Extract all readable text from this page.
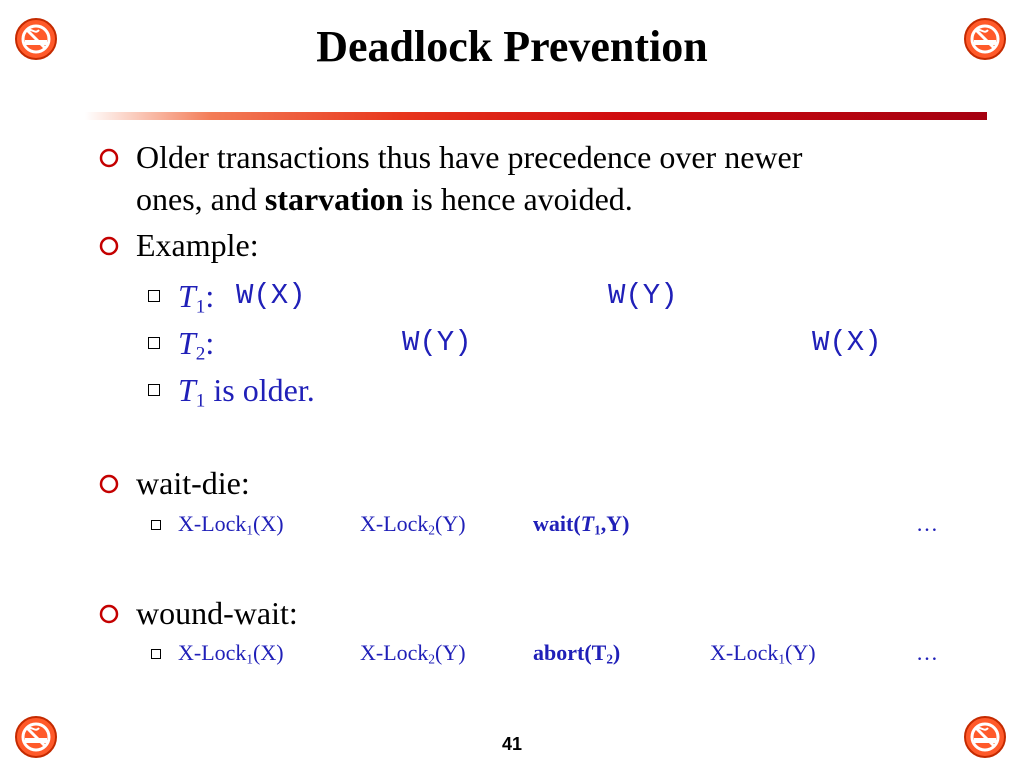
Deadlock Prevention
Older transactions thus have precedence over newer
ones, and starvation is hence avoided.
Example:
$T_1$: W(X)	W(Y)
$T_2$:	W(Y)	W(X)
$T_1$ is older.
wait-die:
X-Lock$_1$(X)	X-Lock$_2$(Y)	$wait(T_1,Y)$	…
wound-wait:
X-Lock$_1$(X)	X-Lock$_2$(Y)	$abort(T_2)$	X-Lock$_1$(Y)	…
41
